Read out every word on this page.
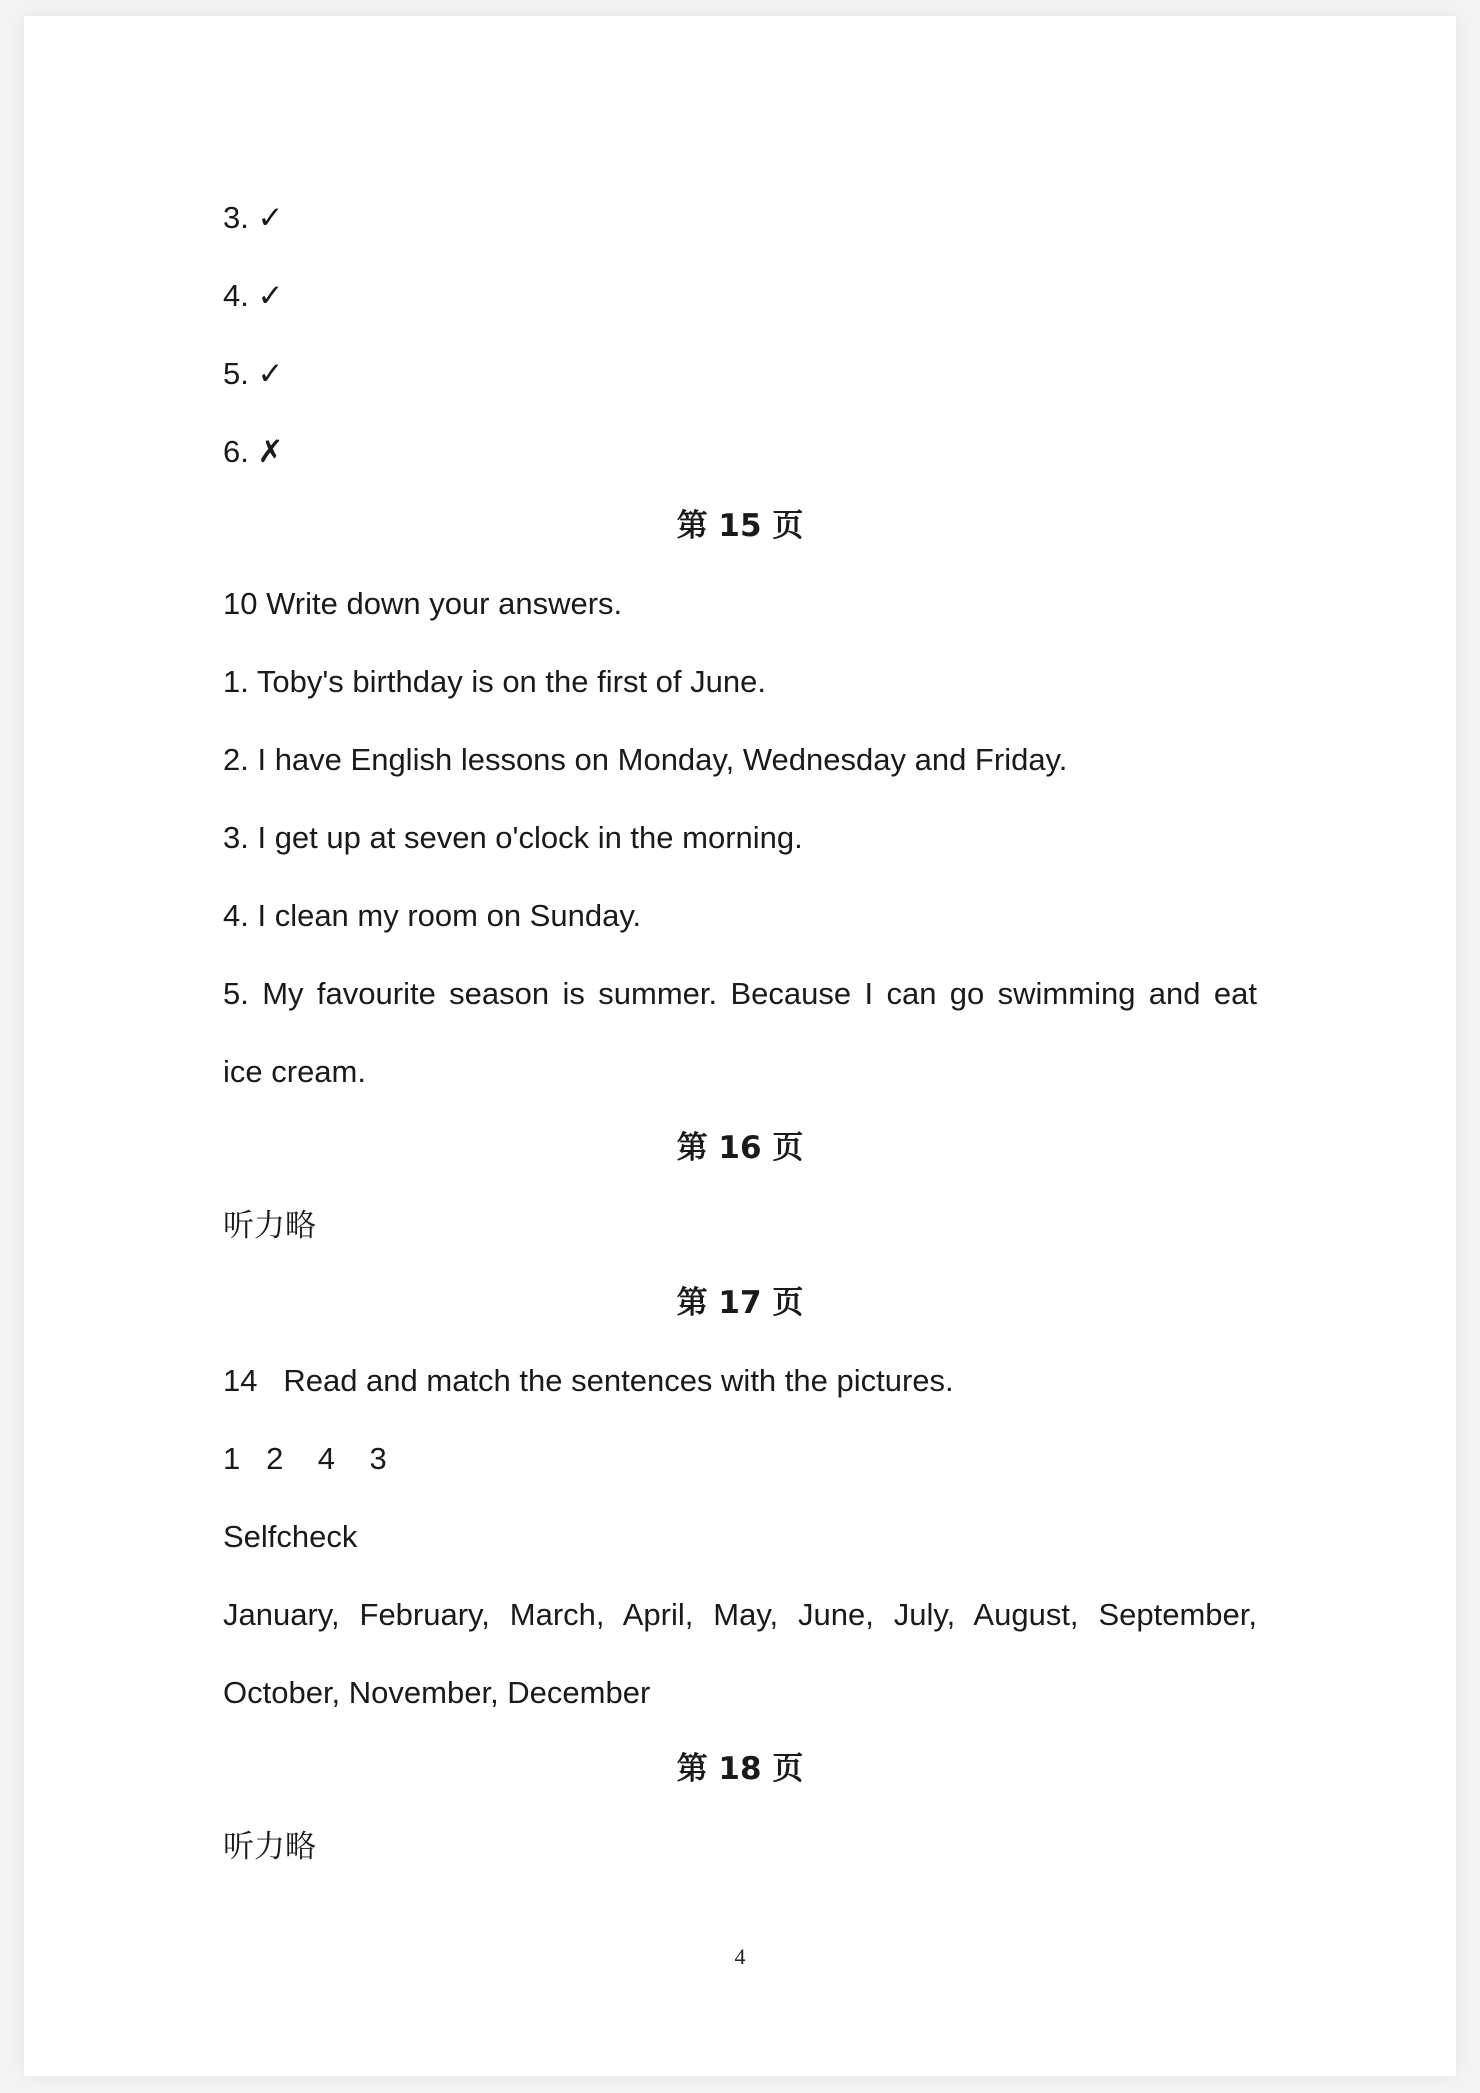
3. ✓

4. ✓

5. ✓

6. ✗

第 15 页

10 Write down your answers.

1. Toby's birthday is on the first of June.

2. I have English lessons on Monday, Wednesday and Friday.

3. I get up at seven o'clock in the morning.

4. I clean my room on Sunday.

5. My favourite season is summer. Because I can go swimming and eat

ice cream.

第 16 页

听力略

第 17 页

14   Read and match the sentences with the pictures.

1   2    4    3

Selfcheck

January, February, March, April, May, June, July, August, September,

October, November, December

第 18 页

听力略

4
